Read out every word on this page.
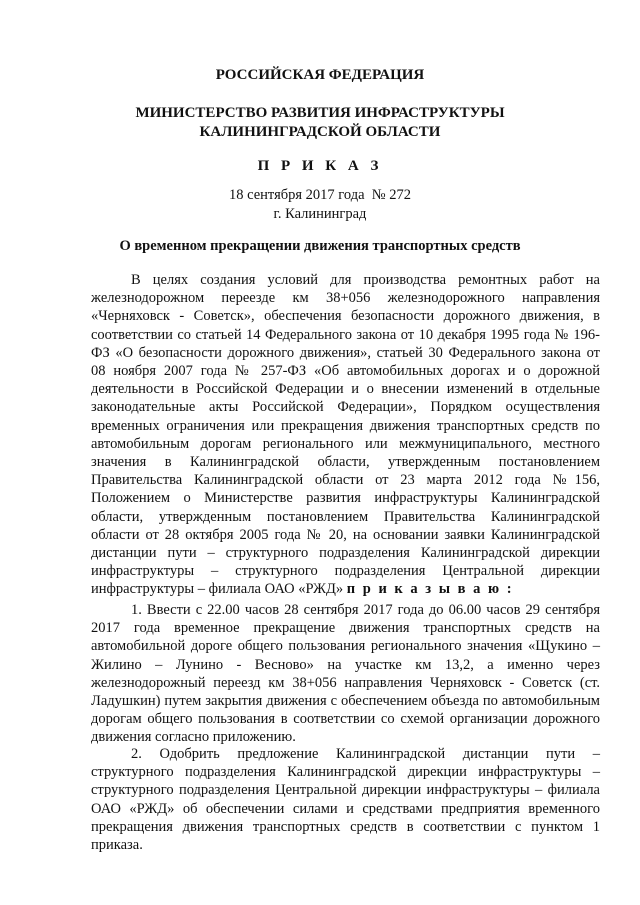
РОССИЙСКАЯ ФЕДЕРАЦИЯ
МИНИСТЕРСТВО РАЗВИТИЯ ИНФРАСТРУКТУРЫ
КАЛИНИНГРАДСКОЙ ОБЛАСТИ
П Р И К А З
18 сентября 2017 года  № 272
г. Калининград
О временном прекращении движения транспортных средств

В целях создания условий для производства ремонтных работ на железнодорожном переезде км 38+056 железнодорожного направления «Черняховск - Советск», обеспечения безопасности дорожного движения, в соответствии со статьей 14 Федерального закона от 10 декабря 1995 года № 196-ФЗ «О безопасности дорожного движения», статьей 30 Федерального закона от 08 ноября 2007 года № 257-ФЗ «Об автомобильных дорогах и о дорожной деятельности в Российской Федерации и о внесении изменений в отдельные законодательные акты Российской Федерации», Порядком осуществления временных ограничения или прекращения движения транспортных средств по автомобильным дорогам регионального или межмуниципального, местного значения в Калининградской области, утвержденным постановлением Правительства Калининградской области от 23 марта 2012 года №156, Положением о Министерстве развития инфраструктуры Калининградской области, утвержденным постановлением Правительства Калининградской области от 28 октября 2005 года № 20, на основании заявки Калининградской дистанции пути – структурного подразделения Калининградской дирекции инфраструктуры – структурного подразделения Центральной дирекции инфраструктуры – филиала ОАО «РЖД» п р и к а з ы в а ю :

1. Ввести с 22.00 часов 28 сентября 2017 года до 06.00 часов 29 сентября 2017 года временное прекращение движения транспортных средств на автомобильной дороге общего пользования регионального значения «Щукино – Жилино – Лунино - Весново» на участке км 13,2, а именно через железнодорожный переезд км 38+056 направления Черняховск - Советск (ст. Ладушкин) путем закрытия движения с обеспечением объезда по автомобильным дорогам общего пользования в соответствии со схемой организации дорожного движения согласно приложению.

2. Одобрить предложение Калининградской дистанции пути – структурного подразделения Калининградской дирекции инфраструктуры – структурного подразделения Центральной дирекции инфраструктуры – филиала ОАО «РЖД» об обеспечении силами и средствами предприятия временного прекращения движения транспортных средств в соответствии с пунктом 1 приказа.
